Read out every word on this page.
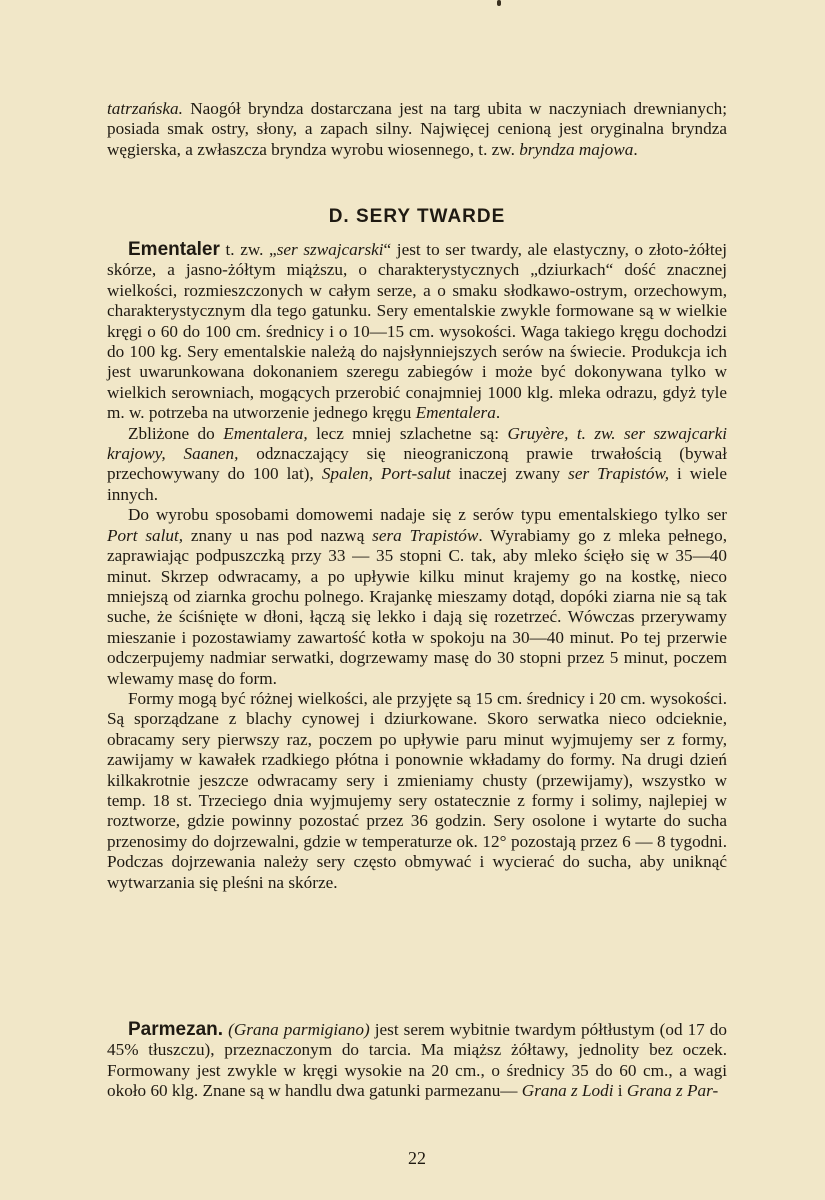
tatrzańska. Naogół bryndza dostarczana jest na targ ubita w naczyniach drewnianych; posiada smak ostry, słony, a zapach silny. Najwięcej cenioną jest oryginalna bryndza węgierska, a zwłaszcza bryndza wyrobu wiosennego, t. zw. bryndza majowa.

D. SERY TWARDE

Ementaler t. zw. „ser szwajcarski“ jest to ser twardy, ale elastyczny, o złoto-żółtej skórze, a jasno-żółtym miąższu, o charakterystycznych „dziurkach“ dość znacznej wielkości, rozmieszczonych w całym serze, a o smaku słodkawo-ostrym, orzechowym, charakterystycznym dla tego gatunku. Sery ementalskie zwykle formowane są w wielkie kręgi o 60 do 100 cm. średnicy i o 10—15 cm. wysokości. Waga takiego kręgu dochodzi do 100 kg. Sery ementalskie należą do najsłynniejszych serów na świecie. Produkcja ich jest uwarunkowana dokonaniem szeregu zabiegów i może być dokonywana tylko w wielkich serowniach, mogących przerobić conajmniej 1000 klg. mleka odrazu, gdyż tyle m. w. potrzeba na utworzenie jednego kręgu Ementalera.

Zbliżone do Ementalera, lecz mniej szlachetne są: Gruyère, t. zw. ser szwajcarki krajowy, Saanen, odznaczający się nieograniczoną prawie trwałością (bywał przechowywany do 100 lat), Spalen, Port-salut inaczej zwany ser Trapistów, i wiele innych.

Do wyrobu sposobami domowemi nadaje się z serów typu ementalskiego tylko ser Port salut, znany u nas pod nazwą sera Trapistów. Wyrabiamy go z mleka pełnego, zaprawiając podpuszczką przy 33 — 35 stopni C. tak, aby mleko ścięło się w 35—40 minut. Skrzep odwracamy, a po upływie kilku minut krajemy go na kostkę, nieco mniejszą od ziarnka grochu polnego. Krajankę mieszamy dotąd, dopóki ziarna nie są tak suche, że ściśnięte w dłoni, łączą się lekko i dają się rozetrzeć. Wówczas przerywamy mieszanie i pozostawiamy zawartość kotła w spokoju na 30—40 minut. Po tej przerwie odczerpujemy nadmiar serwatki, dogrzewamy masę do 30 stopni przez 5 minut, poczem wlewamy masę do form.

Formy mogą być różnej wielkości, ale przyjęte są 15 cm. średnicy i 20 cm. wysokości. Są sporządzane z blachy cynowej i dziurkowane. Skoro serwatka nieco odcieknie, obracamy sery pierwszy raz, poczem po upływie paru minut wyjmujemy ser z formy, zawijamy w kawałek rzadkiego płótna i ponownie wkładamy do formy. Na drugi dzień kilkakrotnie jeszcze odwracamy sery i zmieniamy chusty (przewijamy), wszystko w temp. 18 st. Trzeciego dnia wyjmujemy sery ostatecznie z formy i solimy, najlepiej w roztworze, gdzie powinny pozostać przez 36 godzin. Sery osolone i wytarte do sucha przenosimy do dojrzewalni, gdzie w temperaturze ok. 12° pozostają przez 6 — 8 tygodni. Podczas dojrzewania należy sery często obmywać i wycierać do sucha, aby uniknąć wytwarzania się pleśni na skórze.

Parmezan. (Grana parmigiano) jest serem wybitnie twardym półtłustym (od 17 do 45% tłuszczu), przeznaczonym do tarcia. Ma miąższ żółtawy, jednolity bez oczek. Formowany jest zwykle w kręgi wysokie na 20 cm., o średnicy 35 do 60 cm., a wagi około 60 klg. Znane są w handlu dwa gatunki parmezanu— Grana z Lodi i Grana z Par-

22
